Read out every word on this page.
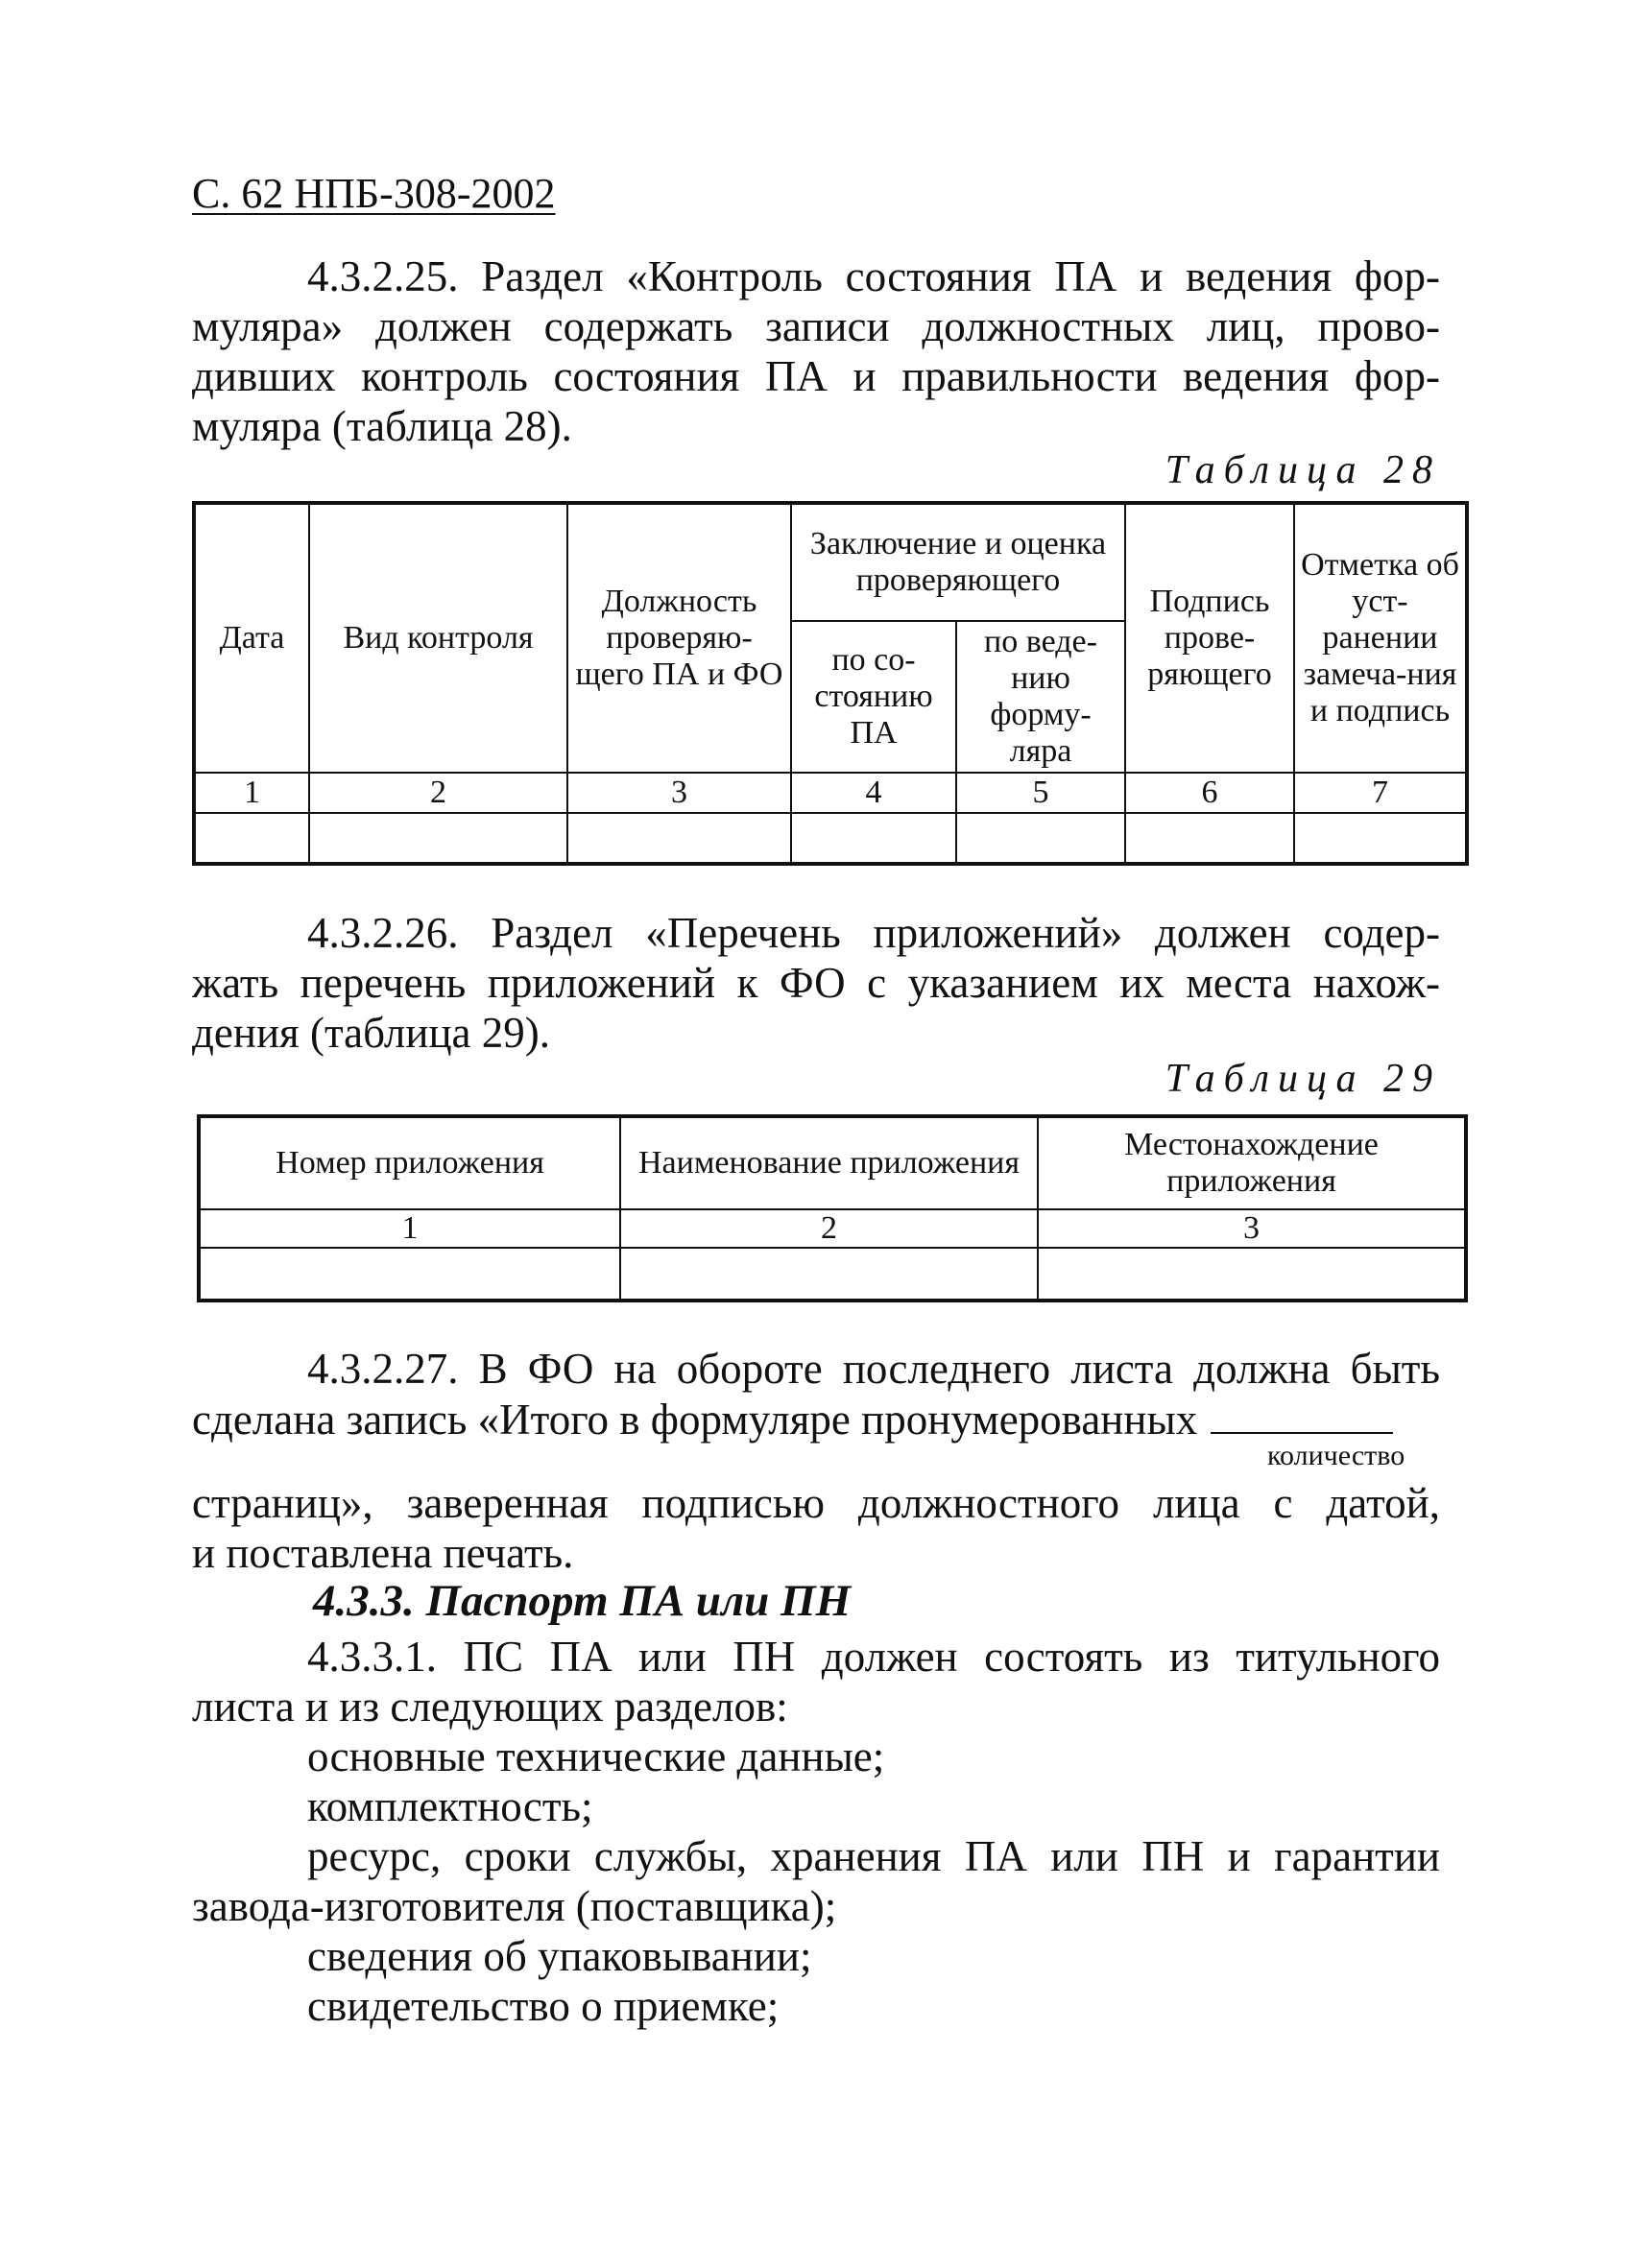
С. 62 НПБ-308-2002
4.3.2.25. Раздел «Контроль состояния ПА и ведения фор-
муляра» должен содержать записи должностных лиц, прово-
дивших контроль состояния ПА и правильности ведения фор-
муляра (таблица 28).
Таблица 28
Дата	Вид контроля	Должность проверяю-щего ПА и ФО	Заключение и оценка проверяющего		Подпись прове-ряющего	Отметка об уст-ранении замеча-ния и подпись
			по со-стоянию ПА	по веде-нию форму-ляра		
1	2	3	4	5	6	7

4.3.2.26. Раздел «Перечень приложений» должен содер-
жать перечень приложений к ФО с указанием их места нахож-
дения (таблица 29).
Таблица 29
Номер приложения	Наименование приложения	Местонахождение приложения
1	2	3

4.3.2.27. В ФО на обороте последнего листа должна быть
сделана запись «Итого в формуляре пронумерованных
количество
страниц», заверенная подписью должностного лица с датой,
и поставлена печать.
4.3.3. Паспорт ПА или ПН
4.3.3.1. ПС ПА или ПН должен состоять из титульного
листа и из следующих разделов:
основные технические данные;
комплектность;
ресурс, сроки службы, хранения ПА или ПН и гарантии
завода-изготовителя (поставщика);
сведения об упаковывании;
свидетельство о приемке;
